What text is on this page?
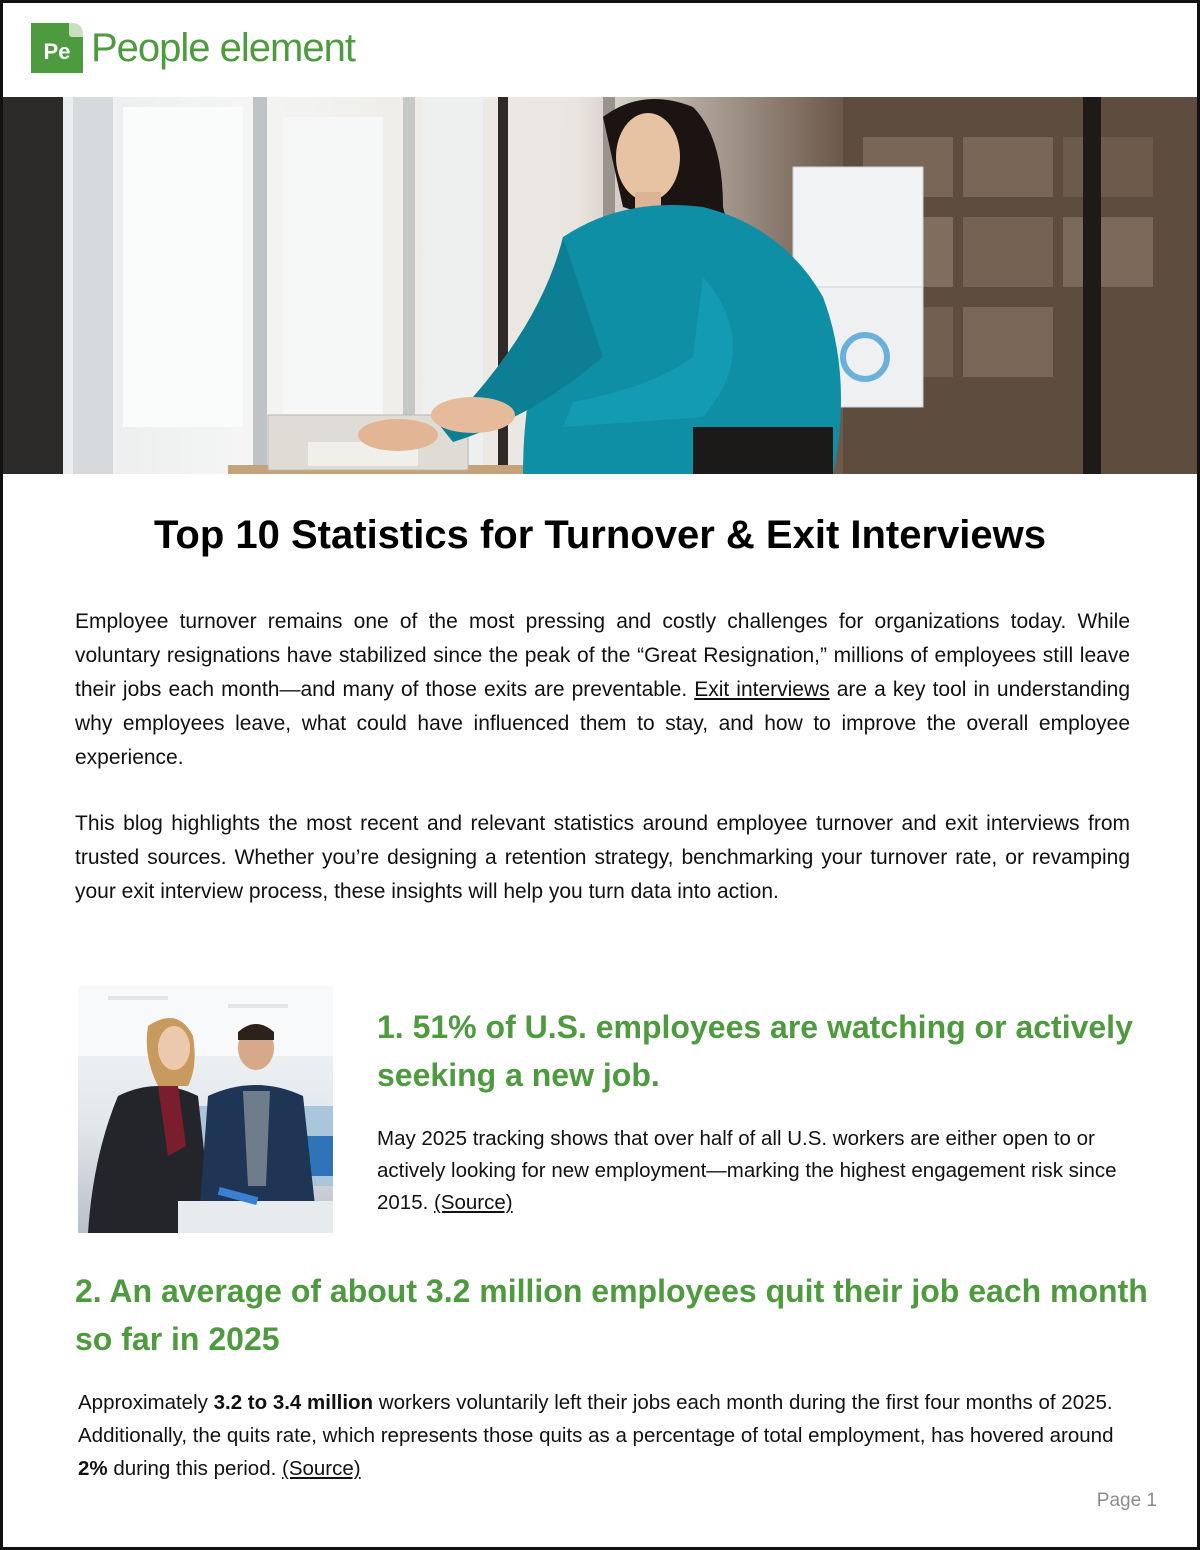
Pe People element
Top 10 Statistics for Turnover & Exit Interviews

Employee turnover remains one of the most pressing and costly challenges for organizations today. While voluntary resignations have stabilized since the peak of the “Great Resignation,” millions of employees still leave their jobs each month—and many of those exits are preventable. Exit interviews are a key tool in understanding why employees leave, what could have influenced them to stay, and how to improve the overall employee experience.

This blog highlights the most recent and relevant statistics around employee turnover and exit interviews from trusted sources. Whether you’re designing a retention strategy, benchmarking your turnover rate, or revamping your exit interview process, these insights will help you turn data into action.

1. 51% of U.S. employees are watching or actively seeking a new job.

May 2025 tracking shows that over half of all U.S. workers are either open to or actively looking for new employment—marking the highest engagement risk since 2015. (Source)

2. An average of about 3.2 million employees quit their job each month so far in 2025

Approximately 3.2 to 3.4 million workers voluntarily left their jobs each month during the first four months of 2025. Additionally, the quits rate, which represents those quits as a percentage of total employment, has hovered around 2% during this period. (Source)

Page 1
